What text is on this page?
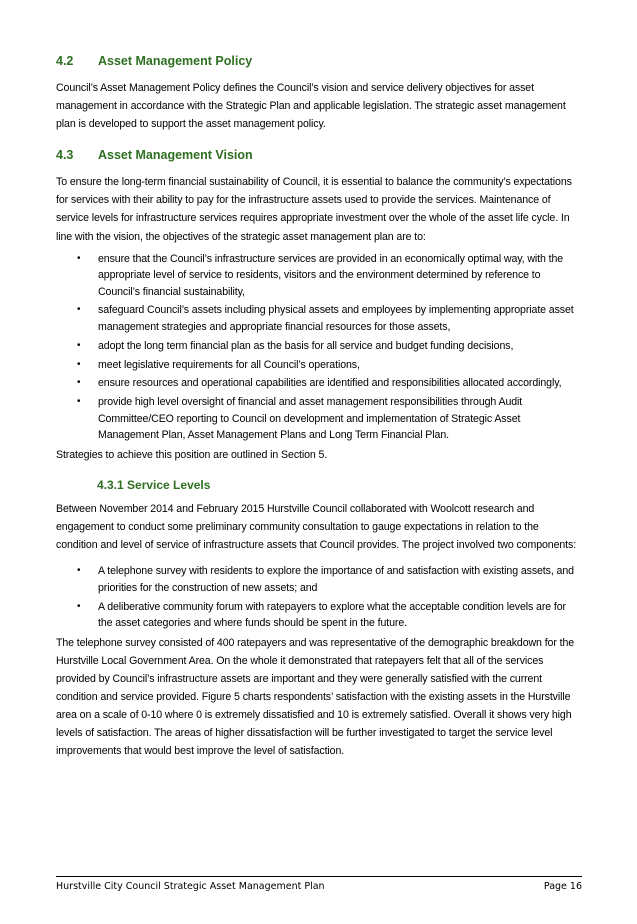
4.2	Asset Management Policy

Council’s Asset Management Policy defines the Council’s vision and service delivery objectives for asset management in accordance with the Strategic Plan and applicable legislation. The strategic asset management plan is developed to support the asset management policy.

4.3	Asset Management Vision

To ensure the long-term financial sustainability of Council, it is essential to balance the community’s expectations for services with their ability to pay for the infrastructure assets used to provide the services. Maintenance of service levels for infrastructure services requires appropriate investment over the whole of the asset life cycle. In line with the vision, the objectives of the strategic asset management plan are to:

• ensure that the Council’s infrastructure services are provided in an economically optimal way, with the appropriate level of service to residents, visitors and the environment determined by reference to Council’s financial sustainability,
• safeguard Council’s assets including physical assets and employees by implementing appropriate asset management strategies and appropriate financial resources for those assets,
• adopt the long term financial plan as the basis for all service and budget funding decisions,
• meet legislative requirements for all Council’s operations,
• ensure resources and operational capabilities are identified and responsibilities allocated accordingly,
• provide high level oversight of financial and asset management responsibilities through Audit Committee/CEO reporting to Council on development and implementation of Strategic Asset Management Plan, Asset Management Plans and Long Term Financial Plan.

Strategies to achieve this position are outlined in Section 5.

4.3.1 Service Levels

Between November 2014 and February 2015 Hurstville Council collaborated with Woolcott research and engagement to conduct some preliminary community consultation to gauge expectations in relation to the condition and level of service of infrastructure assets that Council provides. The project involved two components:

• A telephone survey with residents to explore the importance of and satisfaction with existing assets, and priorities for the construction of new assets; and
• A deliberative community forum with ratepayers to explore what the acceptable condition levels are for the asset categories and where funds should be spent in the future.

The telephone survey consisted of 400 ratepayers and was representative of the demographic breakdown for the Hurstville Local Government Area. On the whole it demonstrated that ratepayers felt that all of the services provided by Council’s infrastructure assets are important and they were generally satisfied with the current condition and service provided. Figure 5 charts respondents’ satisfaction with the existing assets in the Hurstville area on a scale of 0-10 where 0 is extremely dissatisfied and 10 is extremely satisfied. Overall it shows very high levels of satisfaction. The areas of higher dissatisfaction will be further investigated to target the service level improvements that would best improve the level of satisfaction.

Hurstville City Council Strategic Asset Management Plan	Page 16
